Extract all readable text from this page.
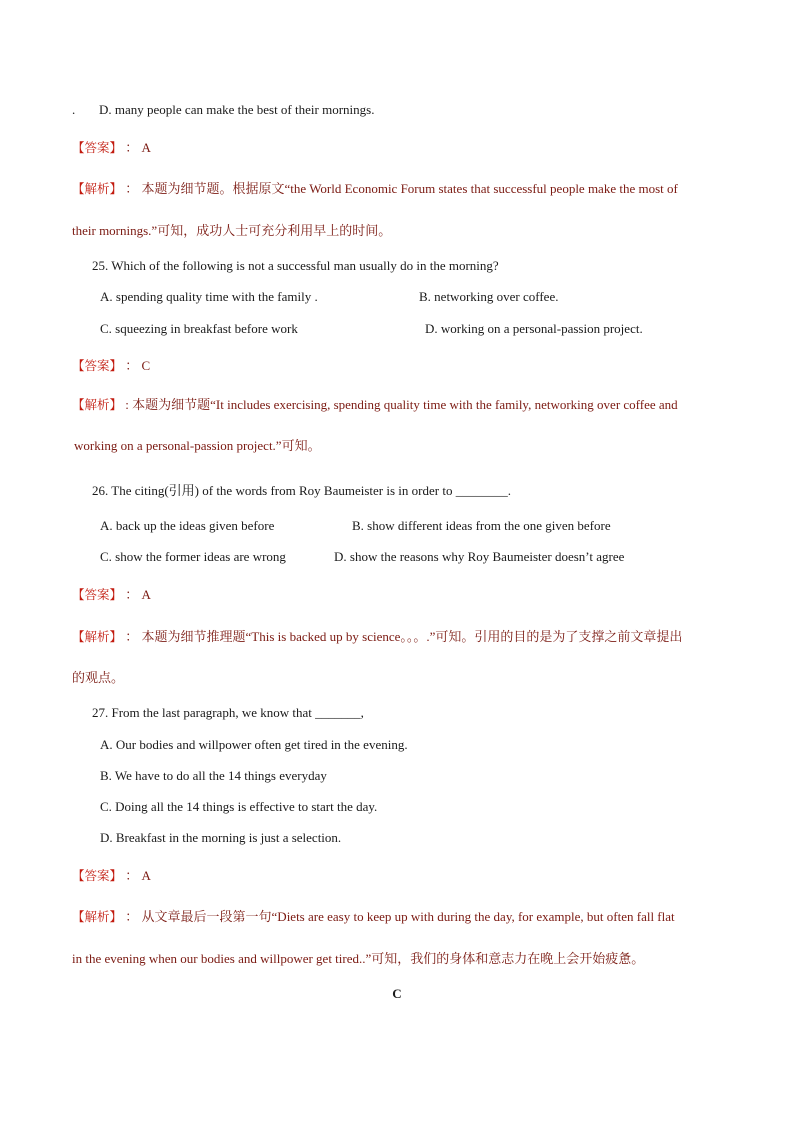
. D. many people can make the best of their mornings.
【答案】 ： A
【解析】 ： 本题为细节题。根据原文“the World Economic Forum states that successful people make the most of
their mornings.”可知，成功人士可充分利用早上的时间。
25. Which of the following is not a successful man usually do in the morning?
A. spending quality time with the family .	B. networking over coffee.
C. squeezing in breakfast before work	D. working on a personal-passion project.
【答案】 ： C
【解析】 : 本题为细节题“It includes exercising, spending quality time with the family, networking over coffee and
working on a personal-passion project.”可知。
26. The citing(引用) of the words from Roy Baumeister is in order to ________.
A. back up the ideas given before	B. show different ideas from the one given before
C. show the former ideas are wrong	D. show the reasons why Roy Baumeister doesn’t agree
【答案】 ： A
【解析】 ： 本题为细节推理题“This is backed up by science。。。.”可知。引用的目的是为了支撑之前文章提出
的观点。
27. From the last paragraph, we know that _______,
A. Our bodies and willpower often get tired in the evening.
B. We have to do all the 14 things everyday
C. Doing all the 14 things is effective to start the day.
D. Breakfast in the morning is just a selection.
【答案】 ： A
【解析】 ： 从文章最后一段第一句“Diets are easy to keep up with during the day, for example, but often fall flat
in the evening when our bodies and willpower get tired..”可知，我们的身体和意志力在晚上会开始疲惫。
C
